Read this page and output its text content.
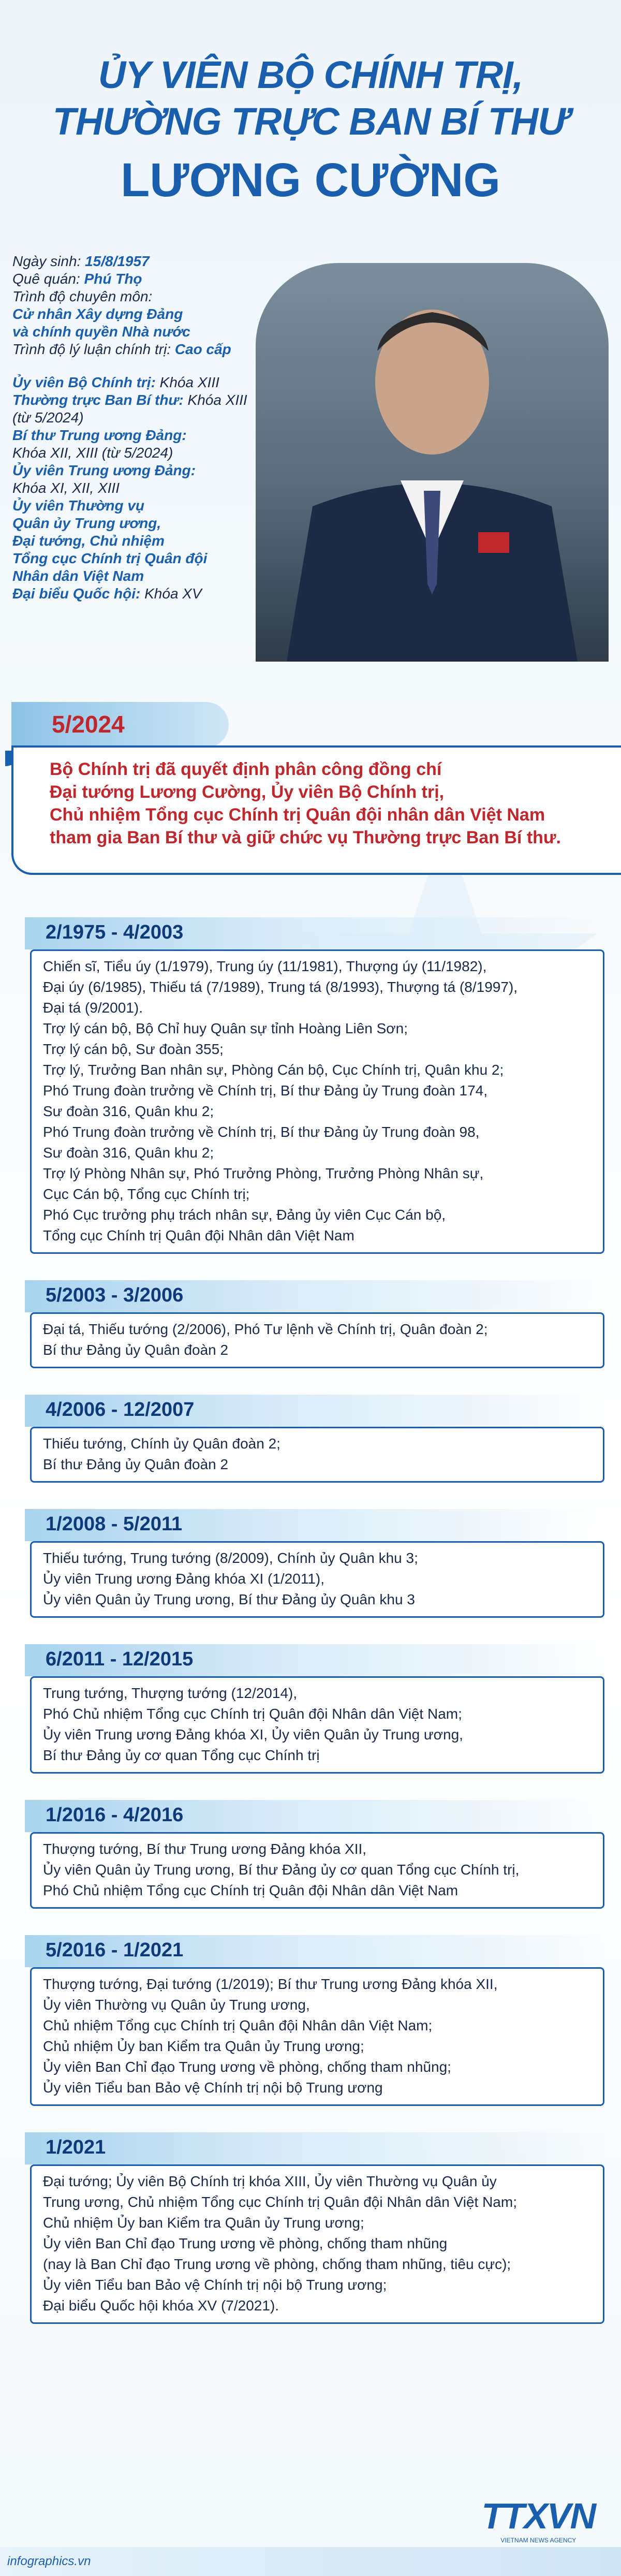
ỦY VIÊN BỘ CHÍNH TRỊ,
THƯỜNG TRỰC BAN BÍ THƯ
LƯƠNG CƯỜNG

Ngày sinh: 15/8/1957

Quê quán: Phú Thọ

Trình độ chuyên môn:

Cử nhân Xây dựng Đảng

và chính quyền Nhà nước

Trình độ lý luận chính trị: Cao cấp

Ủy viên Bộ Chính trị: Khóa XIII

Thường trực Ban Bí thư: Khóa XIII

(từ 5/2024)

Bí thư Trung ương Đảng:

Khóa XII, XIII (từ 5/2024)

Ủy viên Trung ương Đảng:

Khóa XI, XII, XIII

Ủy viên Thường vụ

Quân ủy Trung ương,

Đại tướng, Chủ nhiệm

Tổng cục Chính trị Quân đội

Nhân dân Việt Nam

Đại biểu Quốc hội: Khóa XV

5/2024

Bộ Chính trị đã quyết định phân công đồng chí

Đại tướng Lương Cường, Ủy viên Bộ Chính trị,

Chủ nhiệm Tổng cục Chính trị Quân đội nhân dân Việt Nam

tham gia Ban Bí thư và giữ chức vụ Thường trực Ban Bí thư.

2/1975 - 4/2003

Chiến sĩ, Tiểu úy (1/1979), Trung úy (11/1981), Thượng úy (11/1982),

Đại úy (6/1985), Thiếu tá (7/1989), Trung tá (8/1993), Thượng tá (8/1997),

Đại tá (9/2001).

Trợ lý cán bộ, Bộ Chỉ huy Quân sự tỉnh Hoàng Liên Sơn;

Trợ lý cán bộ, Sư đoàn 355;

Trợ lý, Trưởng Ban nhân sự, Phòng Cán bộ, Cục Chính trị, Quân khu 2;

Phó Trung đoàn trưởng về Chính trị, Bí thư Đảng ủy Trung đoàn 174,

Sư đoàn 316, Quân khu 2;

Phó Trung đoàn trưởng về Chính trị, Bí thư Đảng ủy Trung đoàn 98,

Sư đoàn 316, Quân khu 2;

Trợ lý Phòng Nhân sự, Phó Trưởng Phòng, Trưởng Phòng Nhân sự,

Cục Cán bộ, Tổng cục Chính trị;

Phó Cục trưởng phụ trách nhân sự, Đảng ủy viên Cục Cán bộ,

Tổng cục Chính trị Quân đội Nhân dân Việt Nam

5/2003 - 3/2006

Đại tá, Thiếu tướng (2/2006), Phó Tư lệnh về Chính trị, Quân đoàn 2;

Bí thư Đảng ủy Quân đoàn 2

4/2006 - 12/2007

Thiếu tướng, Chính ủy Quân đoàn 2;

Bí thư Đảng ủy Quân đoàn 2

1/2008 - 5/2011

Thiếu tướng, Trung tướng (8/2009), Chính ủy Quân khu 3;

Ủy viên Trung ương Đảng khóa XI (1/2011),

Ủy viên Quân ủy Trung ương, Bí thư Đảng ủy Quân khu 3

6/2011 - 12/2015

Trung tướng, Thượng tướng (12/2014),

Phó Chủ nhiệm Tổng cục Chính trị Quân đội Nhân dân Việt Nam;

Ủy viên Trung ương Đảng khóa XI, Ủy viên Quân ủy Trung ương,

Bí thư Đảng ủy cơ quan Tổng cục Chính trị

1/2016 - 4/2016

Thượng tướng, Bí thư Trung ương Đảng khóa XII,

Ủy viên Quân ủy Trung ương, Bí thư Đảng ủy cơ quan Tổng cục Chính trị,

Phó Chủ nhiệm Tổng cục Chính trị Quân đội Nhân dân Việt Nam

5/2016 - 1/2021

Thượng tướng, Đại tướng (1/2019); Bí thư Trung ương Đảng khóa XII,

Ủy viên Thường vụ Quân ủy Trung ương,

Chủ nhiệm Tổng cục Chính trị Quân đội Nhân dân Việt Nam;

Chủ nhiệm Ủy ban Kiểm tra Quân ủy Trung ương;

Ủy viên Ban Chỉ đạo Trung ương về phòng, chống tham nhũng;

Ủy viên Tiểu ban Bảo vệ Chính trị nội bộ Trung ương

1/2021

Đại tướng; Ủy viên Bộ Chính trị khóa XIII, Ủy viên Thường vụ Quân ủy

Trung ương, Chủ nhiệm Tổng cục Chính trị Quân đội Nhân dân Việt Nam;

Chủ nhiệm Ủy ban Kiểm tra Quân ủy Trung ương;

Ủy viên Ban Chỉ đạo Trung ương về phòng, chống tham nhũng

(nay là Ban Chỉ đạo Trung ương về phòng, chống tham nhũng, tiêu cực);

Ủy viên Tiểu ban Bảo vệ Chính trị nội bộ Trung ương;

Đại biểu Quốc hội khóa XV (7/2021).

TTXVN
VIETNAM NEWS AGENCY
infographics.vn
